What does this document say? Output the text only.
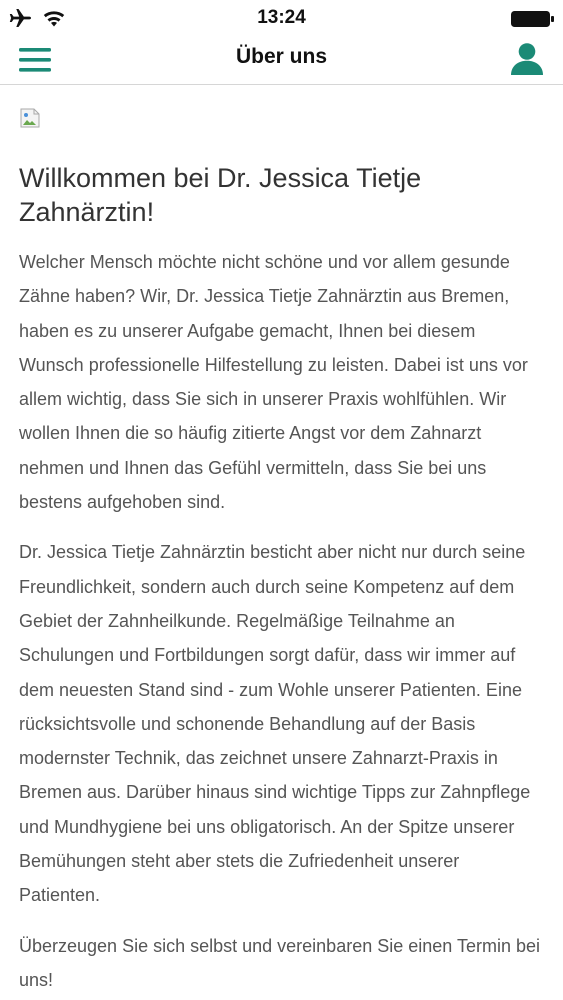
13:24
Über uns
Willkommen bei Dr. Jessica Tietje Zahnärztin!

Welcher Mensch möchte nicht schöne und vor allem gesunde Zähne haben? Wir, Dr. Jessica Tietje Zahnärztin aus Bremen, haben es zu unserer Aufgabe gemacht, Ihnen bei diesem Wunsch professionelle Hilfestellung zu leisten. Dabei ist uns vor allem wichtig, dass Sie sich in unserer Praxis wohlfühlen. Wir wollen Ihnen die so häufig zitierte Angst vor dem Zahnarzt nehmen und Ihnen das Gefühl vermitteln, dass Sie bei uns bestens aufgehoben sind.

Dr. Jessica Tietje Zahnärztin besticht aber nicht nur durch seine Freundlichkeit, sondern auch durch seine Kompetenz auf dem Gebiet der Zahnheilkunde. Regelmäßige Teilnahme an Schulungen und Fortbildungen sorgt dafür, dass wir immer auf dem neuesten Stand sind - zum Wohle unserer Patienten. Eine rücksichtsvolle und schonende Behandlung auf der Basis modernster Technik, das zeichnet unsere Zahnarzt-Praxis in Bremen aus. Darüber hinaus sind wichtige Tipps zur Zahnpflege und Mundhygiene bei uns obligatorisch. An der Spitze unserer Bemühungen steht aber stets die Zufriedenheit unserer Patienten.

Überzeugen Sie sich selbst und vereinbaren Sie einen Termin bei uns!
